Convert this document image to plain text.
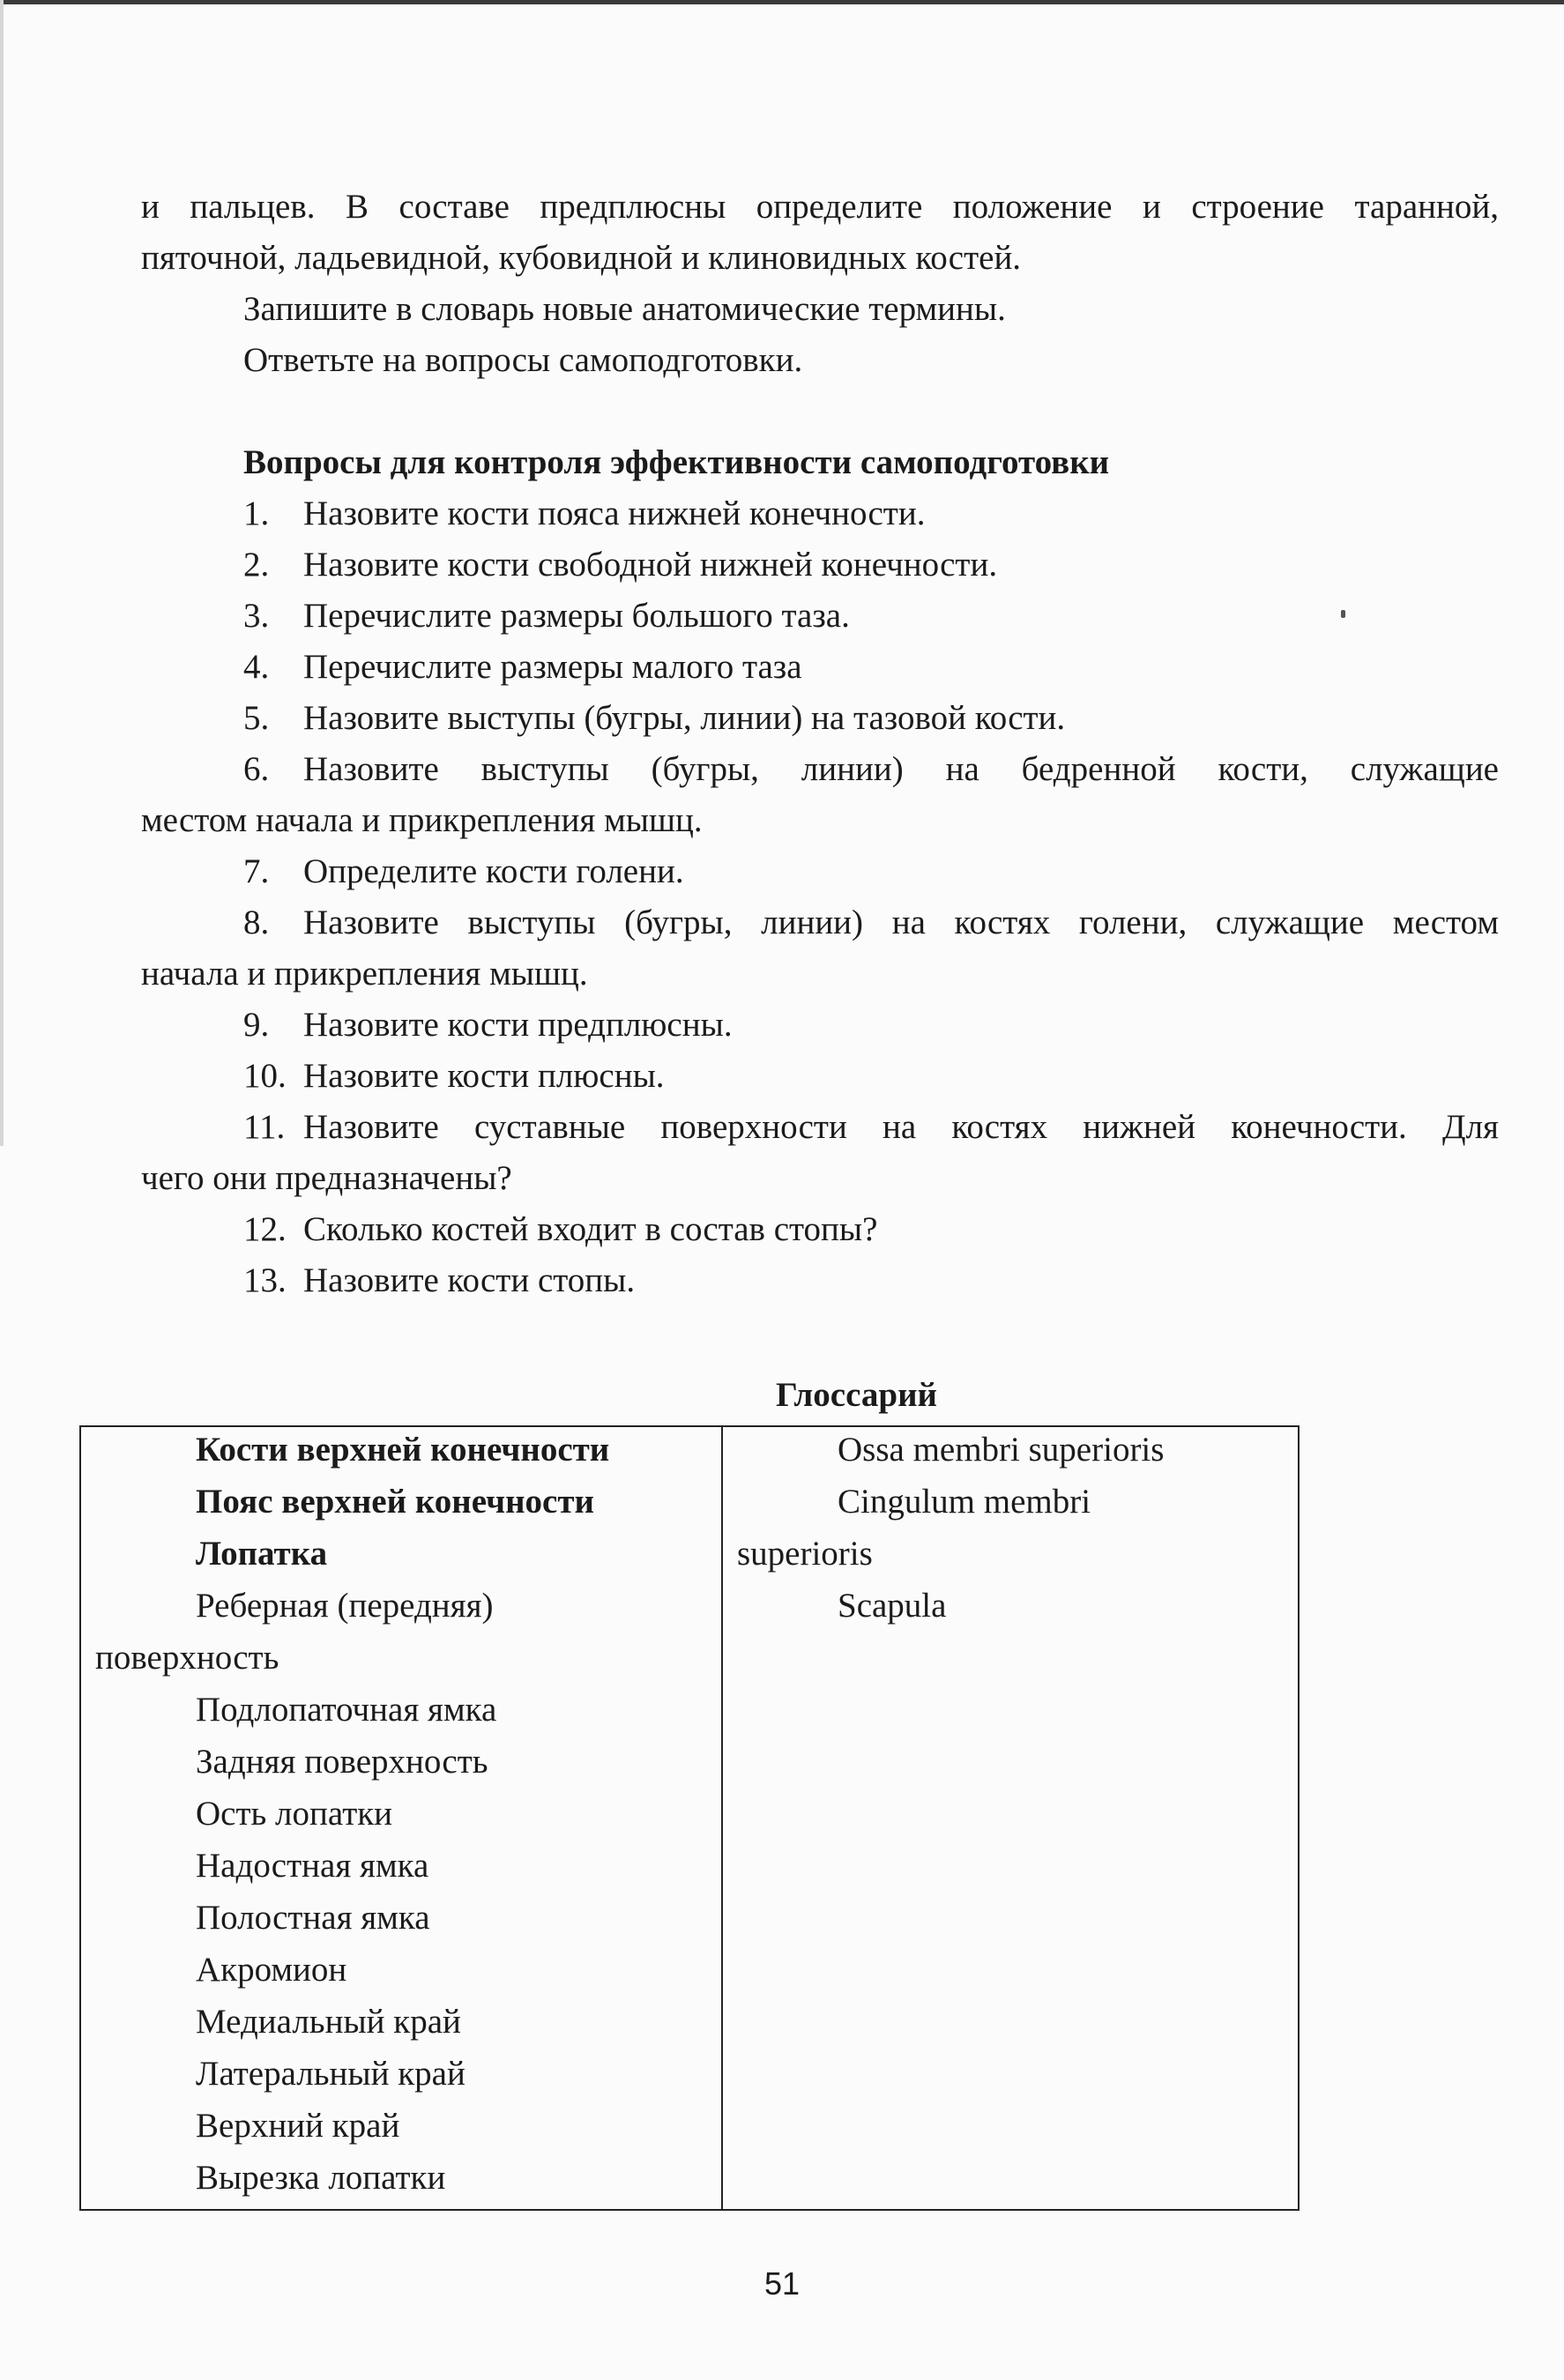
и пальцев. В составе предплюсны определите положение и строение таранной,
пяточной, ладьевидной, кубовидной и клиновидных костей.
Запишите в словарь новые анатомические термины.
Ответьте на вопросы самоподготовки.
Вопросы для контроля эффективности самоподготовки
1. Назовите кости пояса нижней конечности.
2. Назовите кости свободной нижней конечности.
3. Перечислите размеры большого таза.
4. Перечислите размеры малого таза
5. Назовите выступы (бугры, линии) на тазовой кости.
6. Назовите выступы (бугры, линии) на бедренной кости, служащие
местом начала и прикрепления мышц.
7. Определите кости голени.
8. Назовите выступы (бугры, линии) на костях голени, служащие местом
начала и прикрепления мышц.
9. Назовите кости предплюсны.
10. Назовите кости плюсны.
11. Назовите суставные поверхности на костях нижней конечности. Для
чего они предназначены?
12. Сколько костей входит в состав стопы?
13. Назовите кости стопы.
Глоссарий
Кости верхней конечности
Пояс верхней конечности
Лопатка
Реберная (передняя)
поверхность
Подлопаточная ямка
Задняя поверхность
Ость лопатки
Надостная ямка
Полостная ямка
Акромион
Медиальный край
Латеральный край
Верхний край
Вырезка лопатки
Ossa membri superioris
Cingulum membri
superioris
Scapula
51
